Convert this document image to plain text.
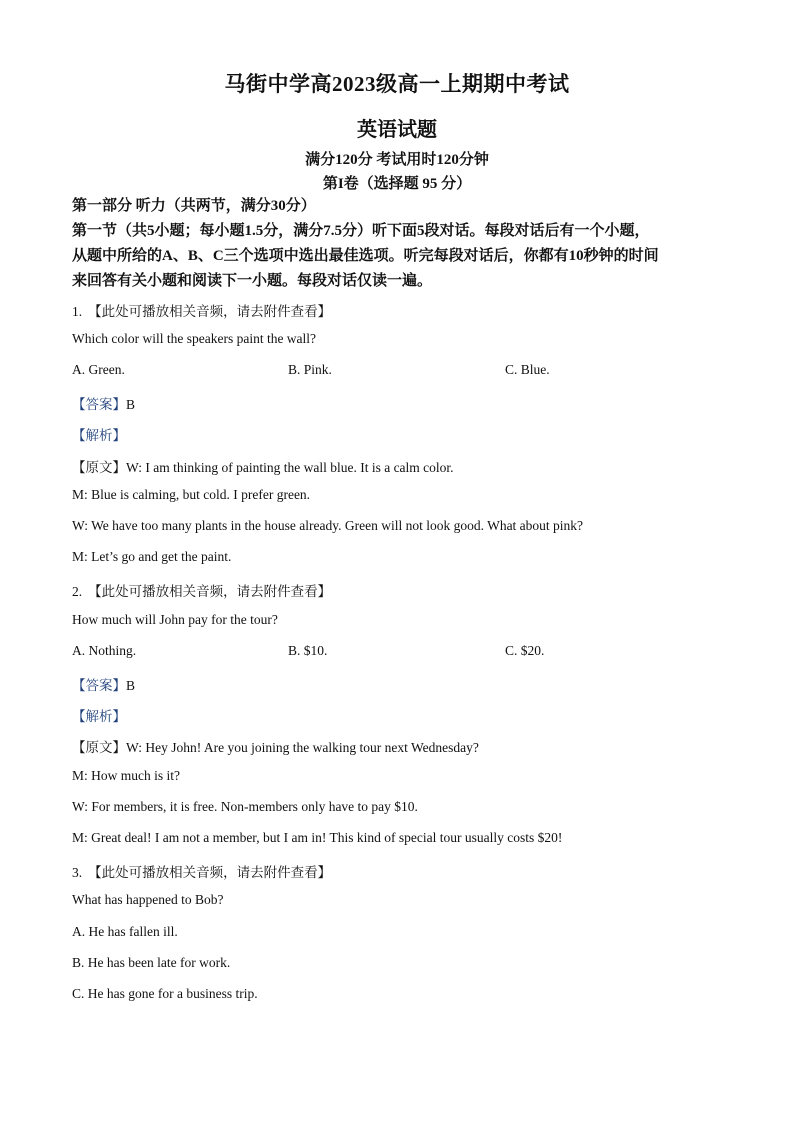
马街中学高2023级高一上期期中考试
英语试题
满分120分 考试用时120分钟
第I卷（选择题 95 分）
第一部分 听力（共两节，满分30分）
第一节（共5小题；每小题1.5分，满分7.5分）听下面5段对话。每段对话后有一个小题，
从题中所给的A、B、C三个选项中选出最佳选项。听完每段对话后，你都有10秒钟的时间
来回答有关小题和阅读下一小题。每段对话仅读一遍。
1. 【此处可播放相关音频，请去附件查看】
Which color will the speakers paint the wall?
A. Green.	B. Pink.	C. Blue.
【答案】B
【解析】
【原文】W: I am thinking of painting the wall blue. It is a calm color.
M: Blue is calming, but cold. I prefer green.
W: We have too many plants in the house already. Green will not look good. What about pink?
M: Let’s go and get the paint.
2. 【此处可播放相关音频，请去附件查看】
How much will John pay for the tour?
A. Nothing.	B. $10.	C. $20.
【答案】B
【解析】
【原文】W: Hey John! Are you joining the walking tour next Wednesday?
M: How much is it?
W: For members, it is free. Non-members only have to pay $10.
M: Great deal! I am not a member, but I am in! This kind of special tour usually costs $20!
3. 【此处可播放相关音频，请去附件查看】
What has happened to Bob?
A. He has fallen ill.
B. He has been late for work.
C. He has gone for a business trip.
